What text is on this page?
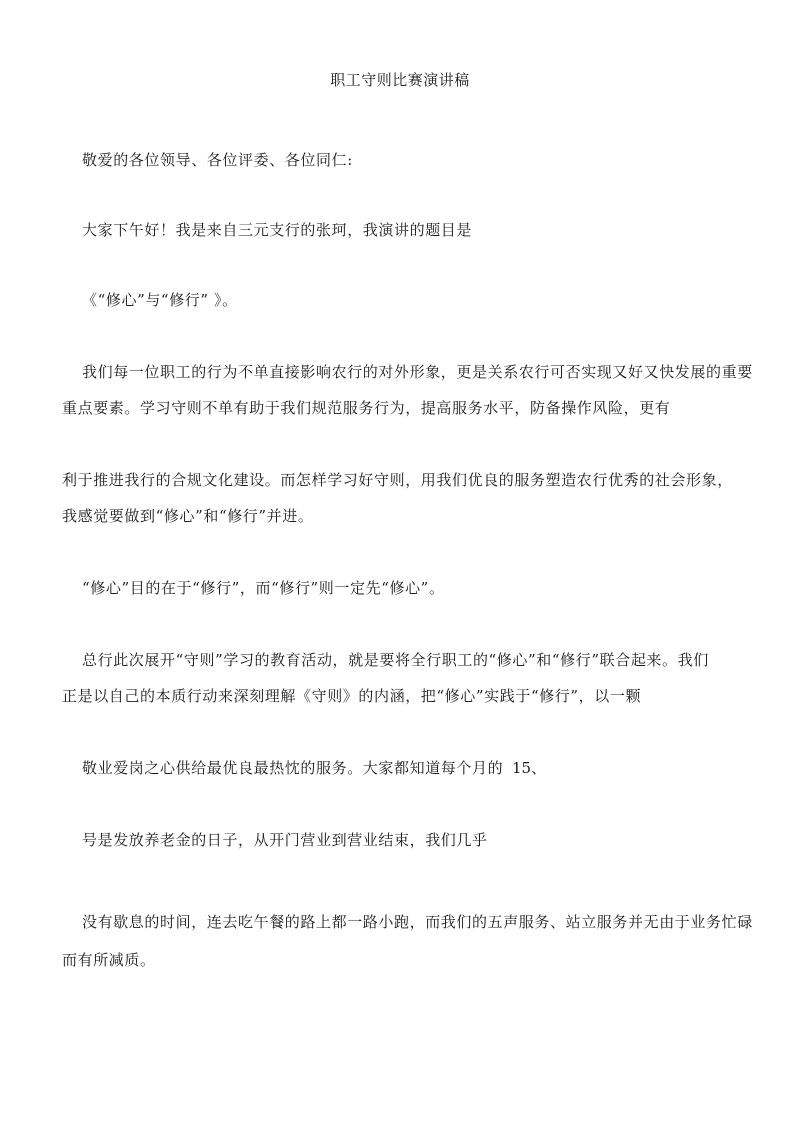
职工守则比赛演讲稿
敬爱的各位领导、各位评委、各位同仁:
大家下午好！我是来自三元支行的张珂，我演讲的题目是
《“修心”与“修行” 》。
我们每一位职工的行为不单直接影响农行的对外形象，更是关系农行可否实现又好又快发展的重要
重点要素。学习守则不单有助于我们规范服务行为，提高服务水平，防备操作风险，更有
利于推进我行的合规文化建设。而怎样学习好守则，用我们优良的服务塑造农行优秀的社会形象，
我感觉要做到“修心”和“修行”并进。
“修心”目的在于“修行”，而“修行”则一定先“修心”。
总行此次展开“守则”学习的教育活动，就是要将全行职工的“修心”和“修行”联合起来。我们
正是以自己的本质行动来深刻理解《守则》的内涵，把“修心”实践于“修行”，以一颗
敬业爱岗之心供给最优良最热忱的服务。大家都知道每个月的 15、
号是发放养老金的日子，从开门营业到营业结束，我们几乎
没有歇息的时间，连去吃午餐的路上都一路小跑，而我们的五声服务、站立服务并无由于业务忙碌
而有所减质。
